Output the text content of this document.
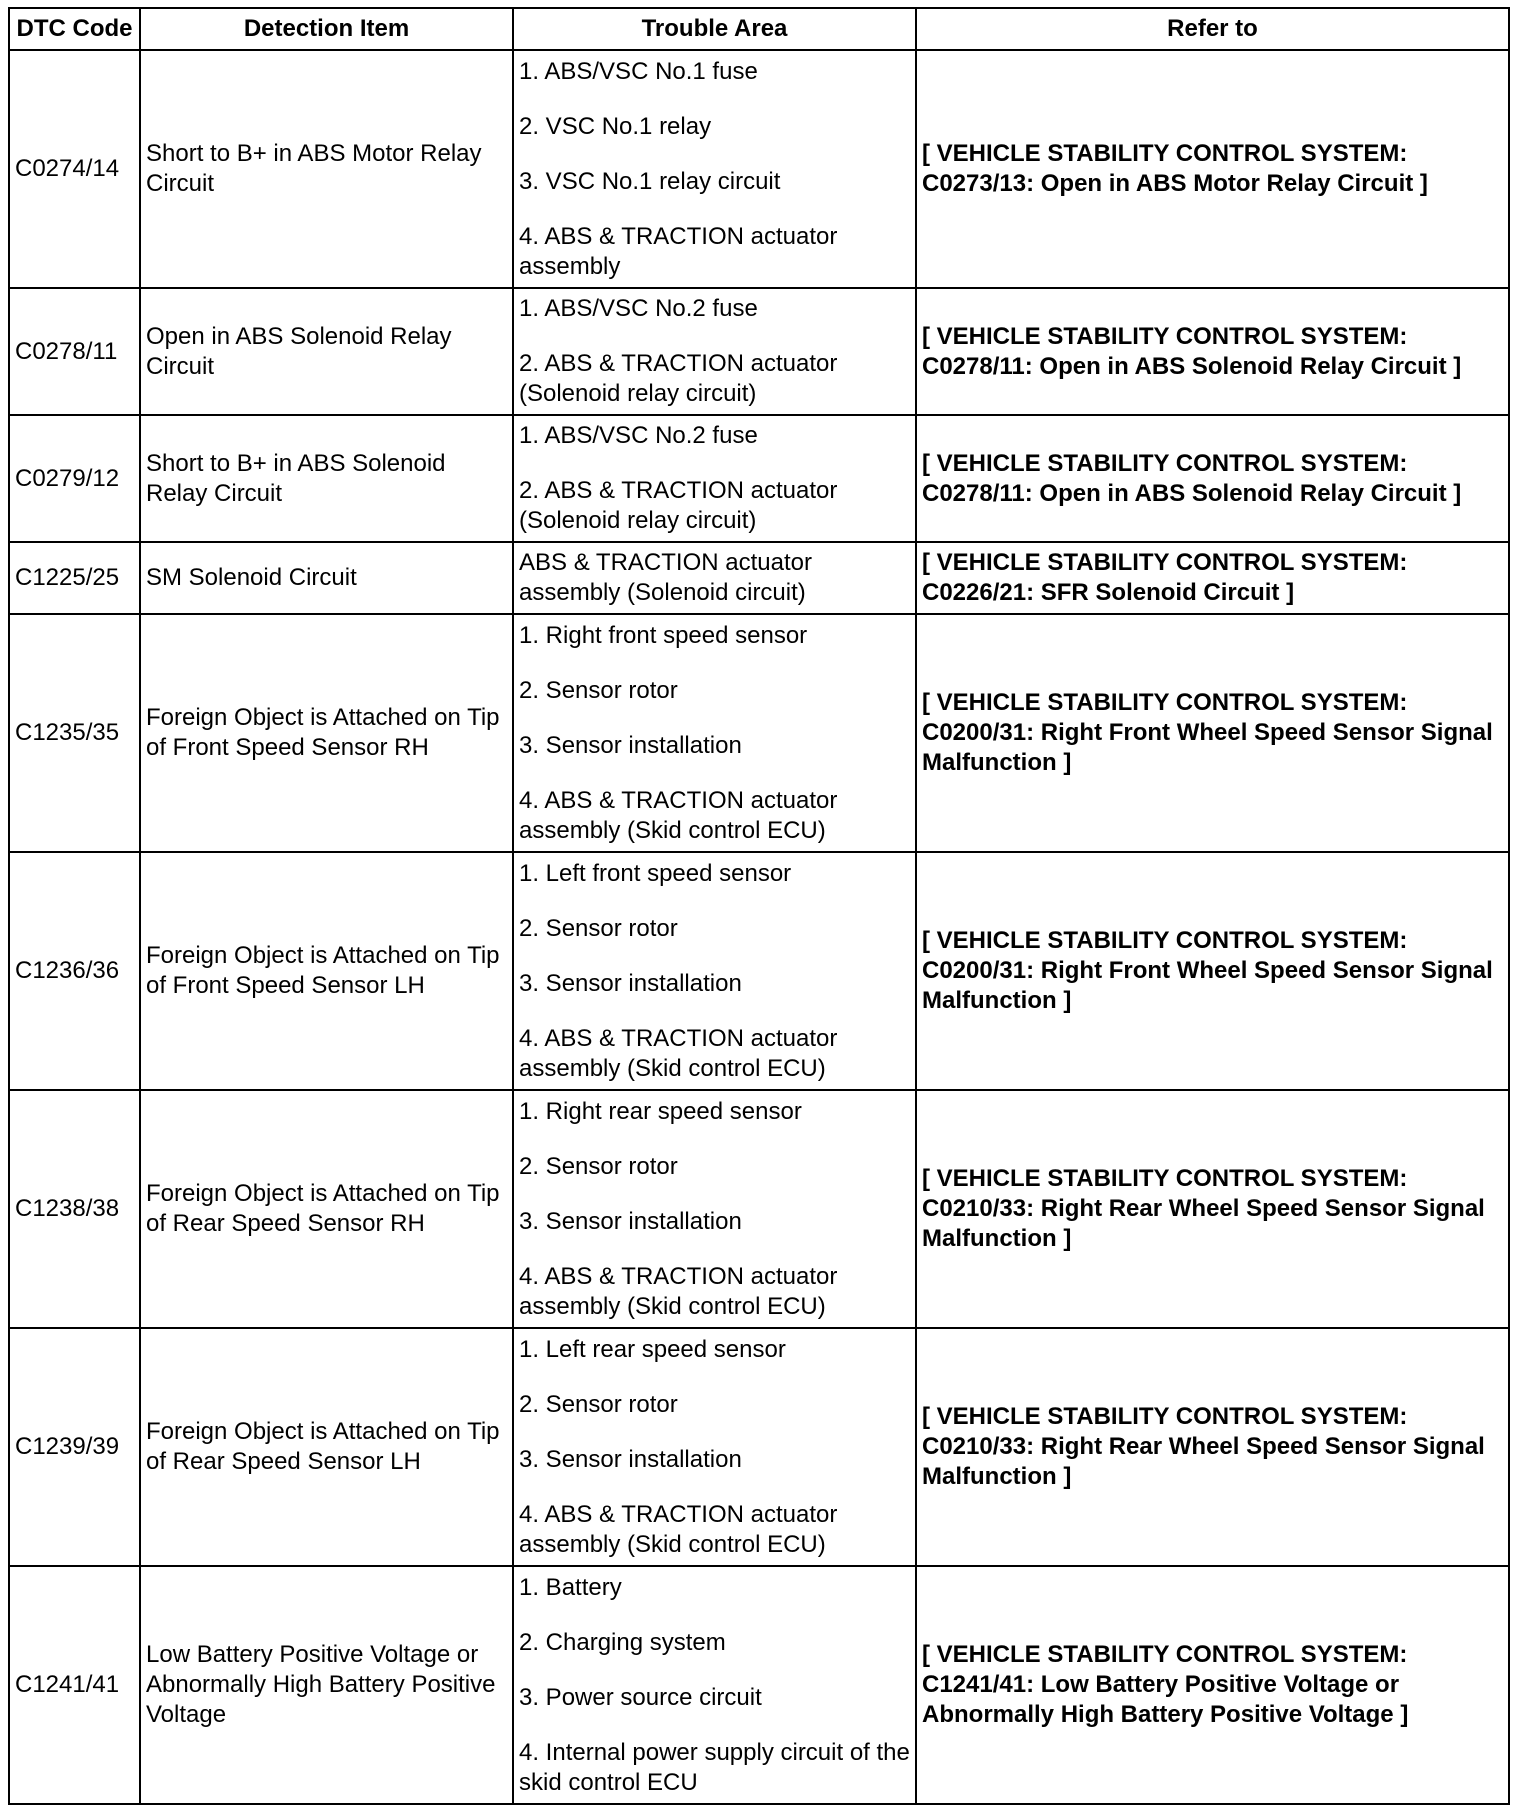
DTC Code	Detection Item	Trouble Area	Refer to
C0274/14	Short to B+ in ABS Motor Relay Circuit	1. ABS/VSC No.1 fuse
2. VSC No.1 relay
3. VSC No.1 relay circuit
4. ABS & TRACTION actuator assembly	[ VEHICLE STABILITY CONTROL SYSTEM: C0273/13: Open in ABS Motor Relay Circuit ]
C0278/11	Open in ABS Solenoid Relay Circuit	1. ABS/VSC No.2 fuse
2. ABS & TRACTION actuator (Solenoid relay circuit)	[ VEHICLE STABILITY CONTROL SYSTEM: C0278/11: Open in ABS Solenoid Relay Circuit ]
C0279/12	Short to B+ in ABS Solenoid Relay Circuit	1. ABS/VSC No.2 fuse
2. ABS & TRACTION actuator (Solenoid relay circuit)	[ VEHICLE STABILITY CONTROL SYSTEM: C0278/11: Open in ABS Solenoid Relay Circuit ]
C1225/25	SM Solenoid Circuit	ABS & TRACTION actuator assembly (Solenoid circuit)	[ VEHICLE STABILITY CONTROL SYSTEM: C0226/21: SFR Solenoid Circuit ]
C1235/35	Foreign Object is Attached on Tip of Front Speed Sensor RH	1. Right front speed sensor
2. Sensor rotor
3. Sensor installation
4. ABS & TRACTION actuator assembly (Skid control ECU)	[ VEHICLE STABILITY CONTROL SYSTEM: C0200/31: Right Front Wheel Speed Sensor Signal Malfunction ]
C1236/36	Foreign Object is Attached on Tip of Front Speed Sensor LH	1. Left front speed sensor
2. Sensor rotor
3. Sensor installation
4. ABS & TRACTION actuator assembly (Skid control ECU)	[ VEHICLE STABILITY CONTROL SYSTEM: C0200/31: Right Front Wheel Speed Sensor Signal Malfunction ]
C1238/38	Foreign Object is Attached on Tip of Rear Speed Sensor RH	1. Right rear speed sensor
2. Sensor rotor
3. Sensor installation
4. ABS & TRACTION actuator assembly (Skid control ECU)	[ VEHICLE STABILITY CONTROL SYSTEM: C0210/33: Right Rear Wheel Speed Sensor Signal Malfunction ]
C1239/39	Foreign Object is Attached on Tip of Rear Speed Sensor LH	1. Left rear speed sensor
2. Sensor rotor
3. Sensor installation
4. ABS & TRACTION actuator assembly (Skid control ECU)	[ VEHICLE STABILITY CONTROL SYSTEM: C0210/33: Right Rear Wheel Speed Sensor Signal Malfunction ]
C1241/41	Low Battery Positive Voltage or Abnormally High Battery Positive Voltage	1. Battery
2. Charging system
3. Power source circuit
4. Internal power supply circuit of the skid control ECU	[ VEHICLE STABILITY CONTROL SYSTEM: C1241/41: Low Battery Positive Voltage or Abnormally High Battery Positive Voltage ]
